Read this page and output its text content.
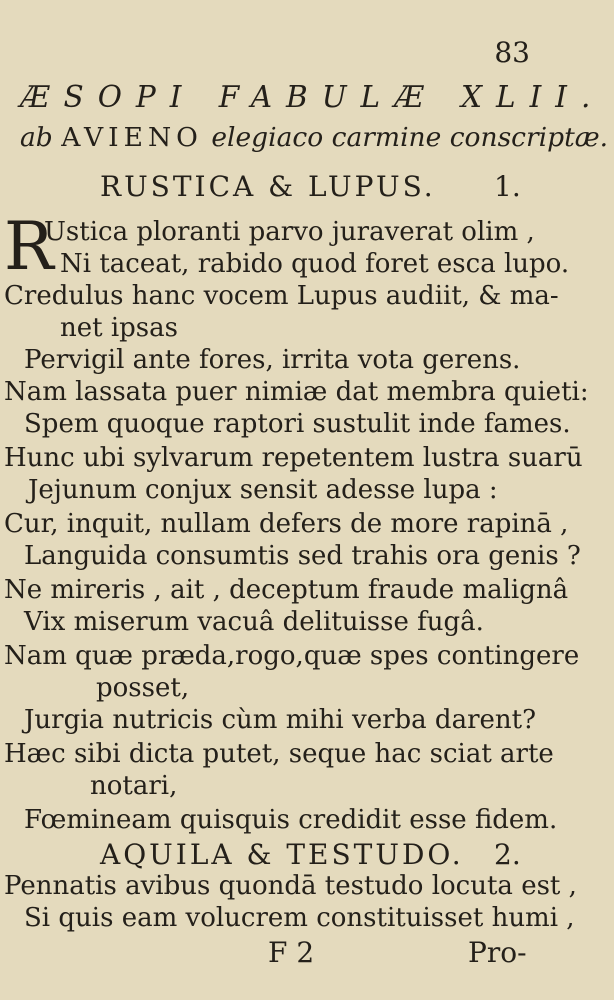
83
ÆSOPI FABULÆ XLII.
ab AVIENO elegiaco carmine conscriptæ.
RUSTICA & LUPUS. 1.
R
Ustica ploranti parvo juraverat olim ,
Ni taceat, rabido quod foret esca lupo.
Credulus hanc vocem Lupus audiit, & ma-
net ipsas
Pervigil ante fores, irrita vota gerens.
Nam lassata puer nimiæ dat membra quieti:
Spem quoque raptori sustulit inde fames.
Hunc ubi sylvarum repetentem lustra suarū
Jejunum conjux sensit adesse lupa :
Cur, inquit, nullam defers de more rapinā ,
Languida consumtis sed trahis ora genis ?
Ne mireris , ait , deceptum fraude malignâ
Vix miserum vacuâ delituisse fugâ.
Nam quæ præda,rogo,quæ spes contingere
posset,
Jurgia nutricis cùm mihi verba darent?
Hæc sibi dicta putet, seque hac sciat arte
notari,
Fœmineam quisquis credidit esse fidem.
AQUILA & TESTUDO. 2.
Pennatis avibus quondā testudo locuta est ,
Si quis eam volucrem constituisset humi ,
F 2	Pro-
